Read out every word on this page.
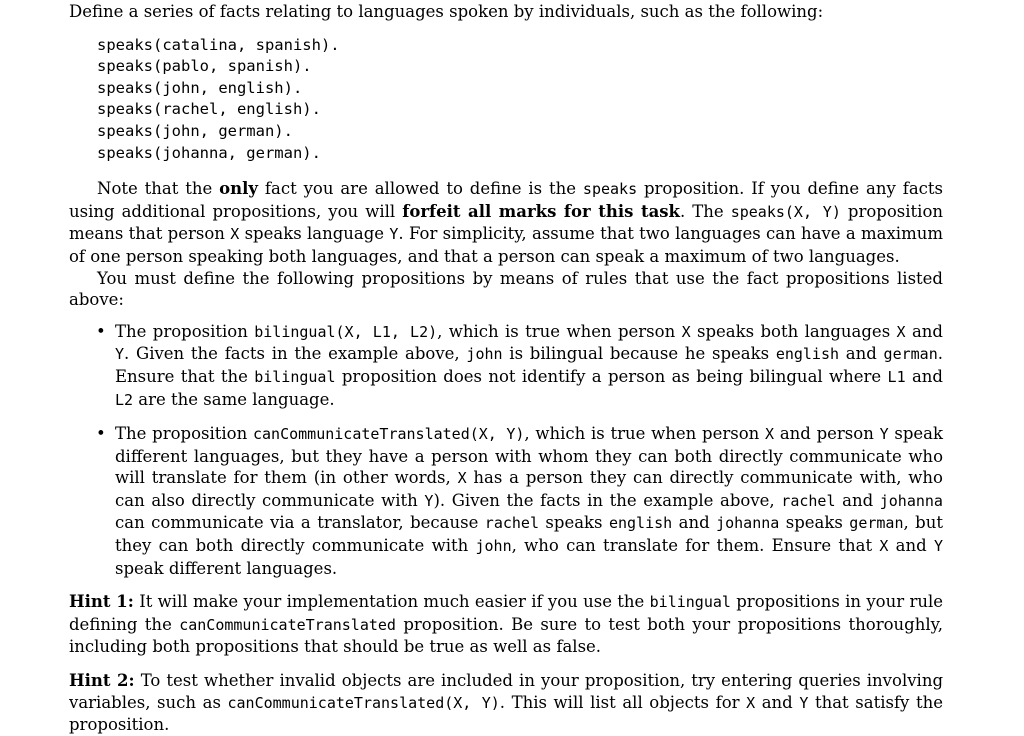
Define a series of facts relating to languages spoken by individuals, such as the following:

speaks(catalina, spanish).
speaks(pablo, spanish).
speaks(john, english).
speaks(rachel, english).
speaks(john, german).
speaks(johanna, german).

Note that the only fact you are allowed to define is the speaks proposition. If you define any facts using additional propositions, you will forfeit all marks for this task. The speaks(X, Y) proposition means that person X speaks language Y. For simplicity, assume that two languages can have a maximum of one person speaking both languages, and that a person can speak a maximum of two languages.

You must define the following propositions by means of rules that use the fact propositions listed above:

• The proposition bilingual(X, L1, L2), which is true when person X speaks both languages X and Y. Given the facts in the example above, john is bilingual because he speaks english and german. Ensure that the bilingual proposition does not identify a person as being bilingual where L1 and L2 are the same language.
• The proposition canCommunicateTranslated(X, Y), which is true when person X and person Y speak different languages, but they have a person with whom they can both directly communicate who will translate for them (in other words, X has a person they can directly communicate with, who can also directly communicate with Y). Given the facts in the example above, rachel and johanna can communicate via a translator, because rachel speaks english and johanna speaks german, but they can both directly communicate with john, who can translate for them. Ensure that X and Y speak different languages.

Hint 1: It will make your implementation much easier if you use the bilingual propositions in your rule defining the canCommunicateTranslated proposition. Be sure to test both your propositions thoroughly, including both propositions that should be true as well as false.

Hint 2: To test whether invalid objects are included in your proposition, try entering queries involving variables, such as canCommunicateTranslated(X, Y). This will list all objects for X and Y that satisfy the proposition.
